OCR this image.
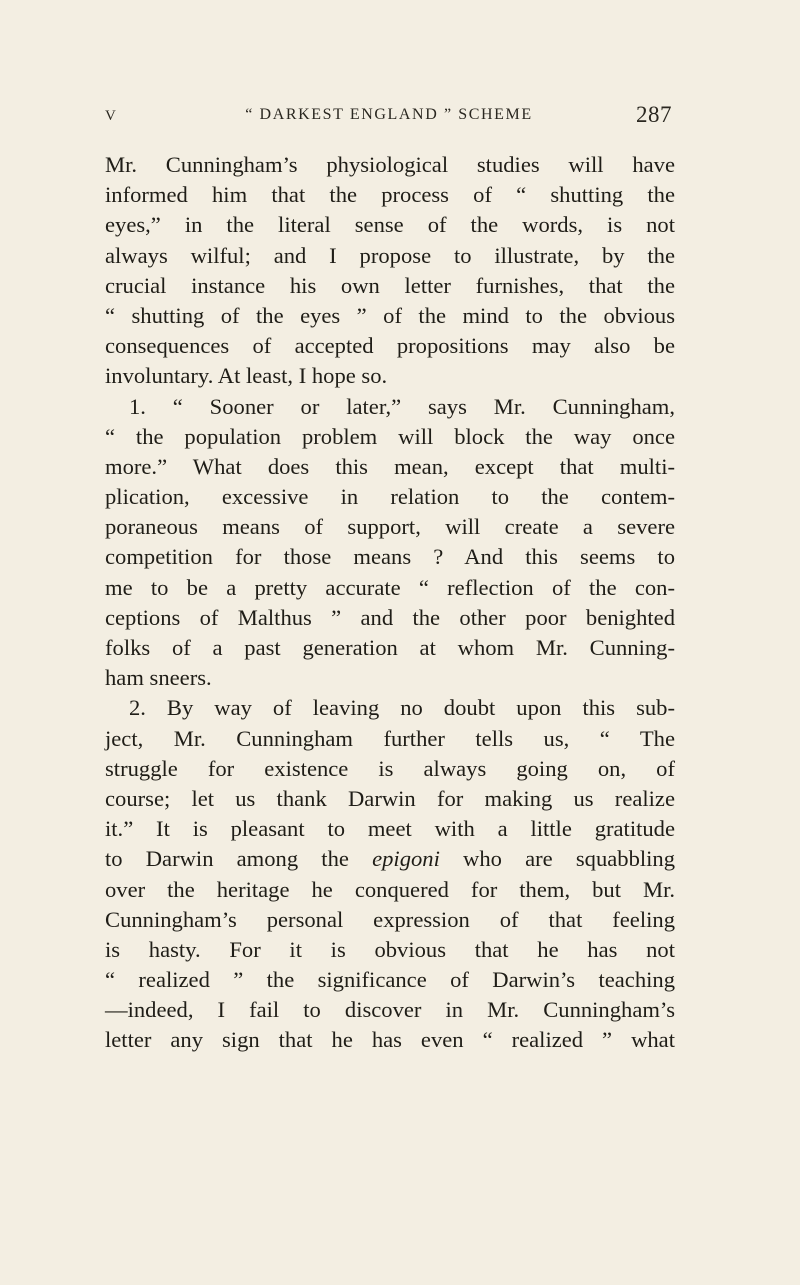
V	“ DARKEST ENGLAND ” SCHEME	287
Mr. Cunningham’s physiological studies will have
informed him that the process of “ shutting the
eyes,” in the literal sense of the words, is not
always wilful; and I propose to illustrate, by the
crucial instance his own letter furnishes, that the
“ shutting of the eyes ” of the mind to the obvious
consequences of accepted propositions may also be
involuntary. At least, I hope so.
1. “ Sooner or later,” says Mr. Cunningham,
“ the population problem will block the way once
more.” What does this mean, except that multi-
plication, excessive in relation to the contem-
poraneous means of support, will create a severe
competition for those means ? And this seems to
me to be a pretty accurate “ reflection of the con-
ceptions of Malthus ” and the other poor benighted
folks of a past generation at whom Mr. Cunning-
ham sneers.
2. By way of leaving no doubt upon this sub-
ject, Mr. Cunningham further tells us, “ The
struggle for existence is always going on, of
course; let us thank Darwin for making us realize
it.” It is pleasant to meet with a little gratitude
to Darwin among the epigoni who are squabbling
over the heritage he conquered for them, but Mr.
Cunningham’s personal expression of that feeling
is hasty. For it is obvious that he has not
“ realized ” the significance of Darwin’s teaching
—indeed, I fail to discover in Mr. Cunningham’s
letter any sign that he has even “ realized ” what
